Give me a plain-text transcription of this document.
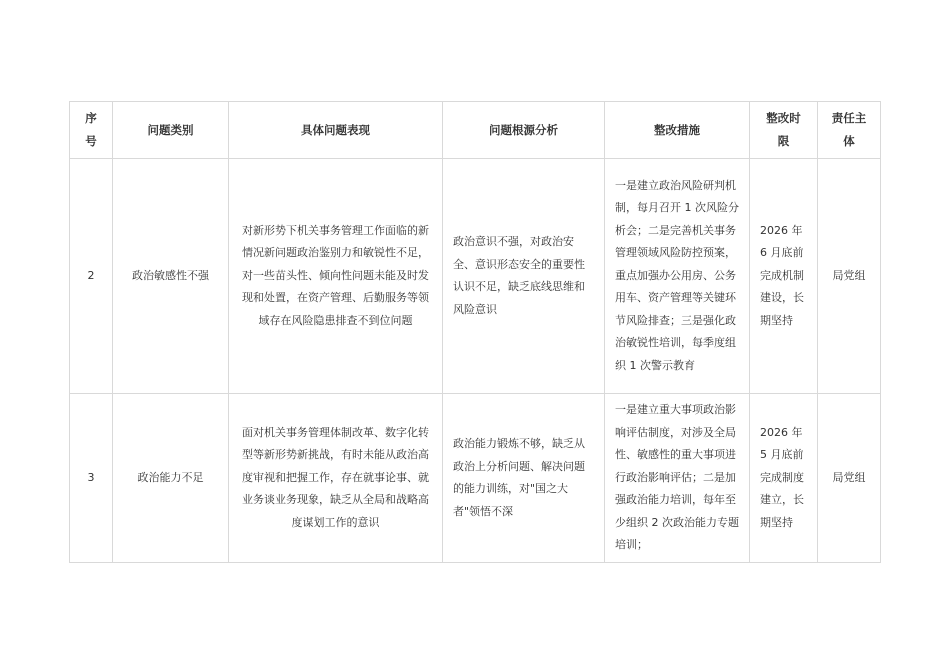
序号	问题类别	具体问题表现	问题根源分析	整改措施	整改时限	责任主体
2	政治敏感性不强	对新形势下机关事务管理工作面临的新情况新问题政治鉴别力和敏锐性不足，对一些苗头性、倾向性问题未能及时发现和处置，在资产管理、后勤服务等领域存在风险隐患排查不到位问题	政治意识不强，对政治安全、意识形态安全的重要性认识不足，缺乏底线思维和风险意识	一是建立政治风险研判机制，每月召开 1 次风险分析会；二是完善机关事务管理领域风险防控预案，重点加强办公用房、公务用车、资产管理等关键环节风险排查；三是强化政治敏锐性培训，每季度组织 1 次警示教育	2026 年 6 月底前完成机制建设，长期坚持	局党组
3	政治能力不足	面对机关事务管理体制改革、数字化转型等新形势新挑战，有时未能从政治高度审视和把握工作，存在就事论事、就业务谈业务现象，缺乏从全局和战略高度谋划工作的意识	政治能力锻炼不够，缺乏从政治上分析问题、解决问题的能力训练，对"国之大者"领悟不深	一是建立重大事项政治影响评估制度，对涉及全局性、敏感性的重大事项进行政治影响评估；二是加强政治能力培训，每年至少组织 2 次政治能力专题培训；	2026 年 5 月底前完成制度建立，长期坚持	局党组
